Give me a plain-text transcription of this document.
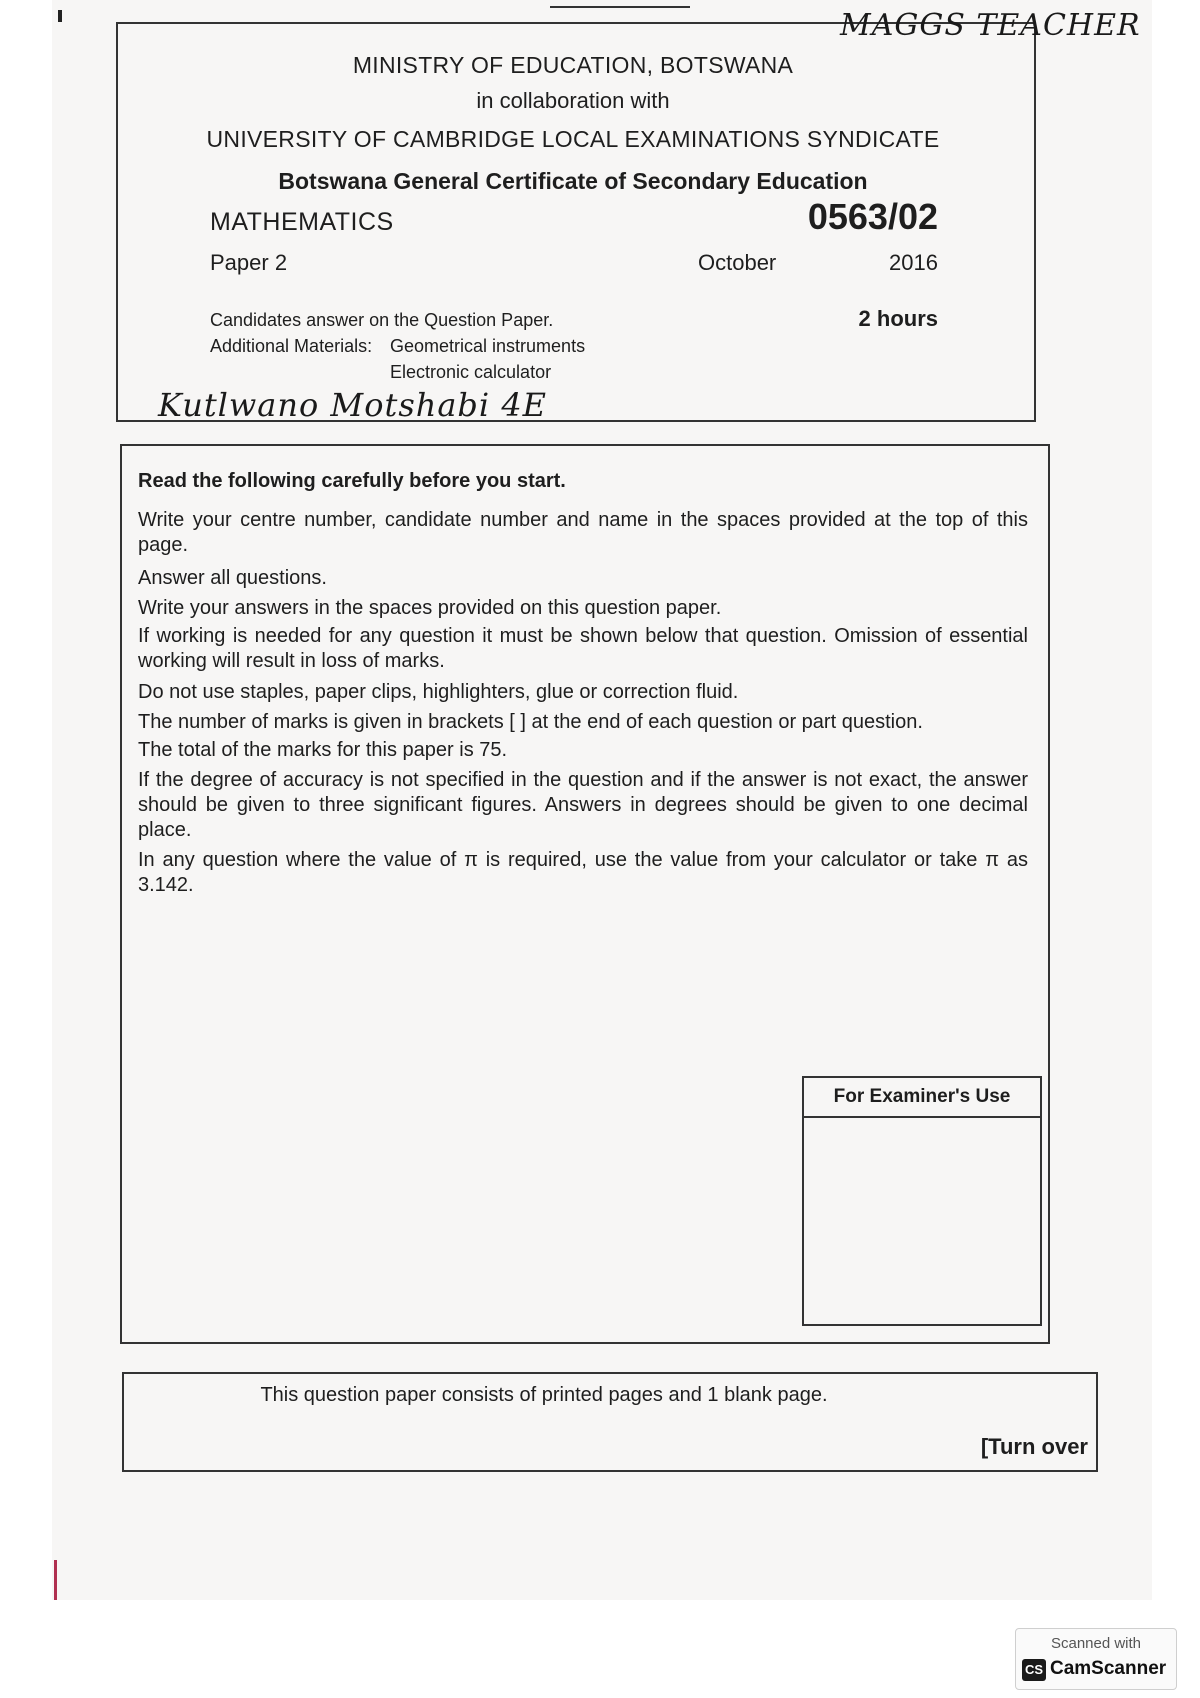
MINISTRY OF EDUCATION, BOTSWANA
in collaboration with
UNIVERSITY OF CAMBRIDGE LOCAL EXAMINATIONS SYNDICATE
Botswana General Certificate of Secondary Education
MATHEMATICS	0563/02
Paper 2	October	2016
2 hours
Candidates answer on the Question Paper.
Additional Materials: Geometrical instruments
Electronic calculator
Kutlwano Motshabi 4E
MAGGS TEACHER
Read the following carefully before you start.
Write your centre number, candidate number and name in the spaces provided at the top of this page.
Answer all questions.
Write your answers in the spaces provided on this question paper.
If working is needed for any question it must be shown below that question. Omission of essential working will result in loss of marks.
Do not use staples, paper clips, highlighters, glue or correction fluid.
The number of marks is given in brackets [ ] at the end of each question or part question.
The total of the marks for this paper is 75.
If the degree of accuracy is not specified in the question and if the answer is not exact, the answer should be given to three significant figures. Answers in degrees should be given to one decimal place.
In any question where the value of π is required, use the value from your calculator or take π as 3.142.
For Examiner's Use
This question paper consists of printed pages and 1 blank page.
[Turn over
Scanned with
CS CamScanner
